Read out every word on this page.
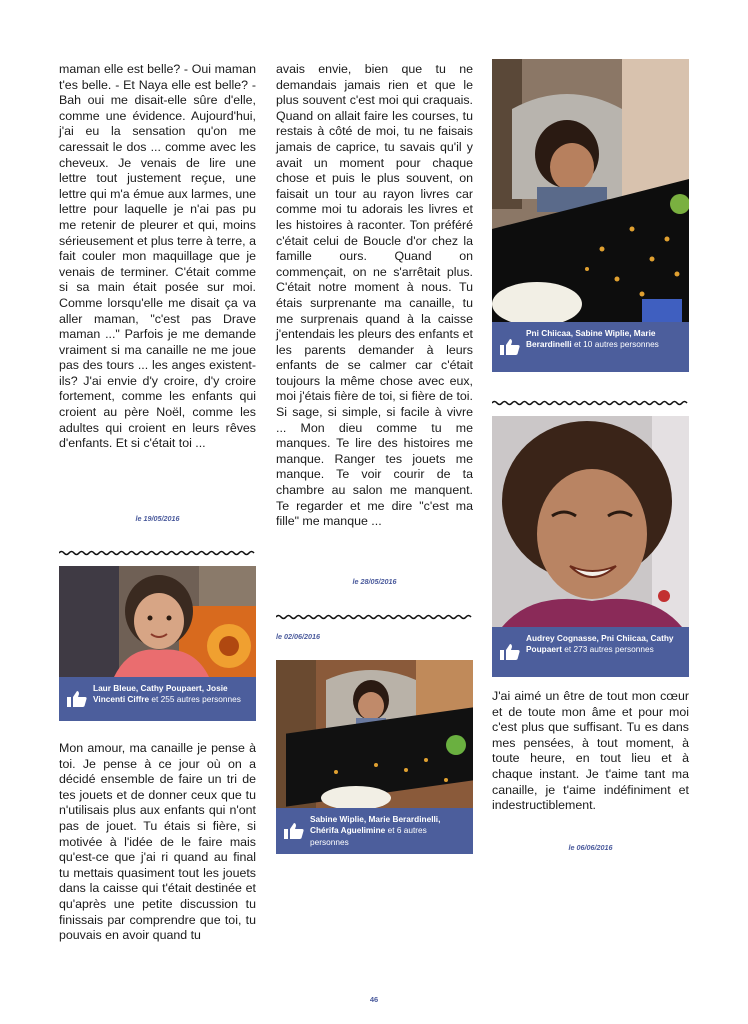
maman elle est belle? - Oui maman t'es belle. - Et Naya elle est belle? - Bah oui me disait-elle sûre d'elle, comme une évidence. Aujourd'hui, j'ai eu la sensation qu'on me caressait le dos ... comme avec les cheveux. Je venais de lire une lettre tout justement reçue, une lettre qui m'a émue aux larmes, une lettre pour laquelle je n'ai pas pu me retenir de pleurer et qui, moins sérieusement et plus terre à terre, a fait couler mon maquillage que je venais de terminer. C'était comme si sa main était posée sur moi. Comme lorsqu'elle me disait ça va aller maman, "c'est pas Drave maman ..." Parfois je me demande vraiment si ma canaille ne me joue pas des tours ... les anges existent-ils? J'ai envie d'y croire, d'y croire fortement, comme les enfants qui croient au père Noël, comme les adultes qui croient en leurs rêves d'enfants. Et si c'était toi ...

le 19/05/2016
Laur Bleue, Cathy Poupaert, Josie Vincenti Ciffre et 255 autres personnes

Mon amour, ma canaille je pense à toi. Je pense à ce jour où on a décidé ensemble de faire un tri de tes jouets et de donner ceux que tu n'utilisais plus aux enfants qui n'ont pas de jouet. Tu étais si fière, si motivée à l'idée de le faire mais qu'est-ce que j'ai ri quand au final tu mettais quasiment tout les jouets dans la caisse qui t'était destinée et qu'après une petite discussion tu finissais par comprendre que toi, tu pouvais en avoir quand tu

avais envie, bien que tu ne demandais jamais rien et que le plus souvent c'est moi qui craquais. Quand on allait faire les courses, tu restais à côté de moi, tu ne faisais jamais de caprice, tu savais qu'il y avait un moment pour chaque chose et puis le plus souvent, on faisait un tour au rayon livres car comme moi tu adorais les livres et les histoires à raconter. Ton préféré c'était celui de Boucle d'or chez la famille ours. Quand on commençait, on ne s'arrêtait plus. C'était notre moment à nous. Tu étais surprenante ma canaille, tu me surprenais quand à la caisse j'entendais les pleurs des enfants et les parents demander à leurs enfants de se calmer car c'était toujours la même chose avec eux, moi j'étais fière de toi, si fière de toi. Si sage, si simple, si facile à vivre ... Mon dieu comme tu me manques. Te lire des histoires me manque. Ranger tes jouets me manque. Te voir courir de ta chambre au salon me manquent. Te regarder et me dire "c'est ma fille" me manque ...

le 28/05/2016
le 02/06/2016
Sabine Wiplie, Marie Berardinelli, Chérifa Aguelimine et 6 autres personnes
Pni Chiicaa, Sabine Wiplie, Marie Berardinelli et 10 autres personnes
Audrey Cognasse, Pni Chiicaa, Cathy Poupaert et 273 autres personnes

J'ai aimé un être de tout mon cœur et de toute mon âme et pour moi c'est plus que suffisant. Tu es dans mes pensées, à tout moment, à toute heure, en tout lieu et à chaque instant. Je t'aime tant ma canaille, je t'aime indéfiniment et indestructiblement.

le 06/06/2016
46
